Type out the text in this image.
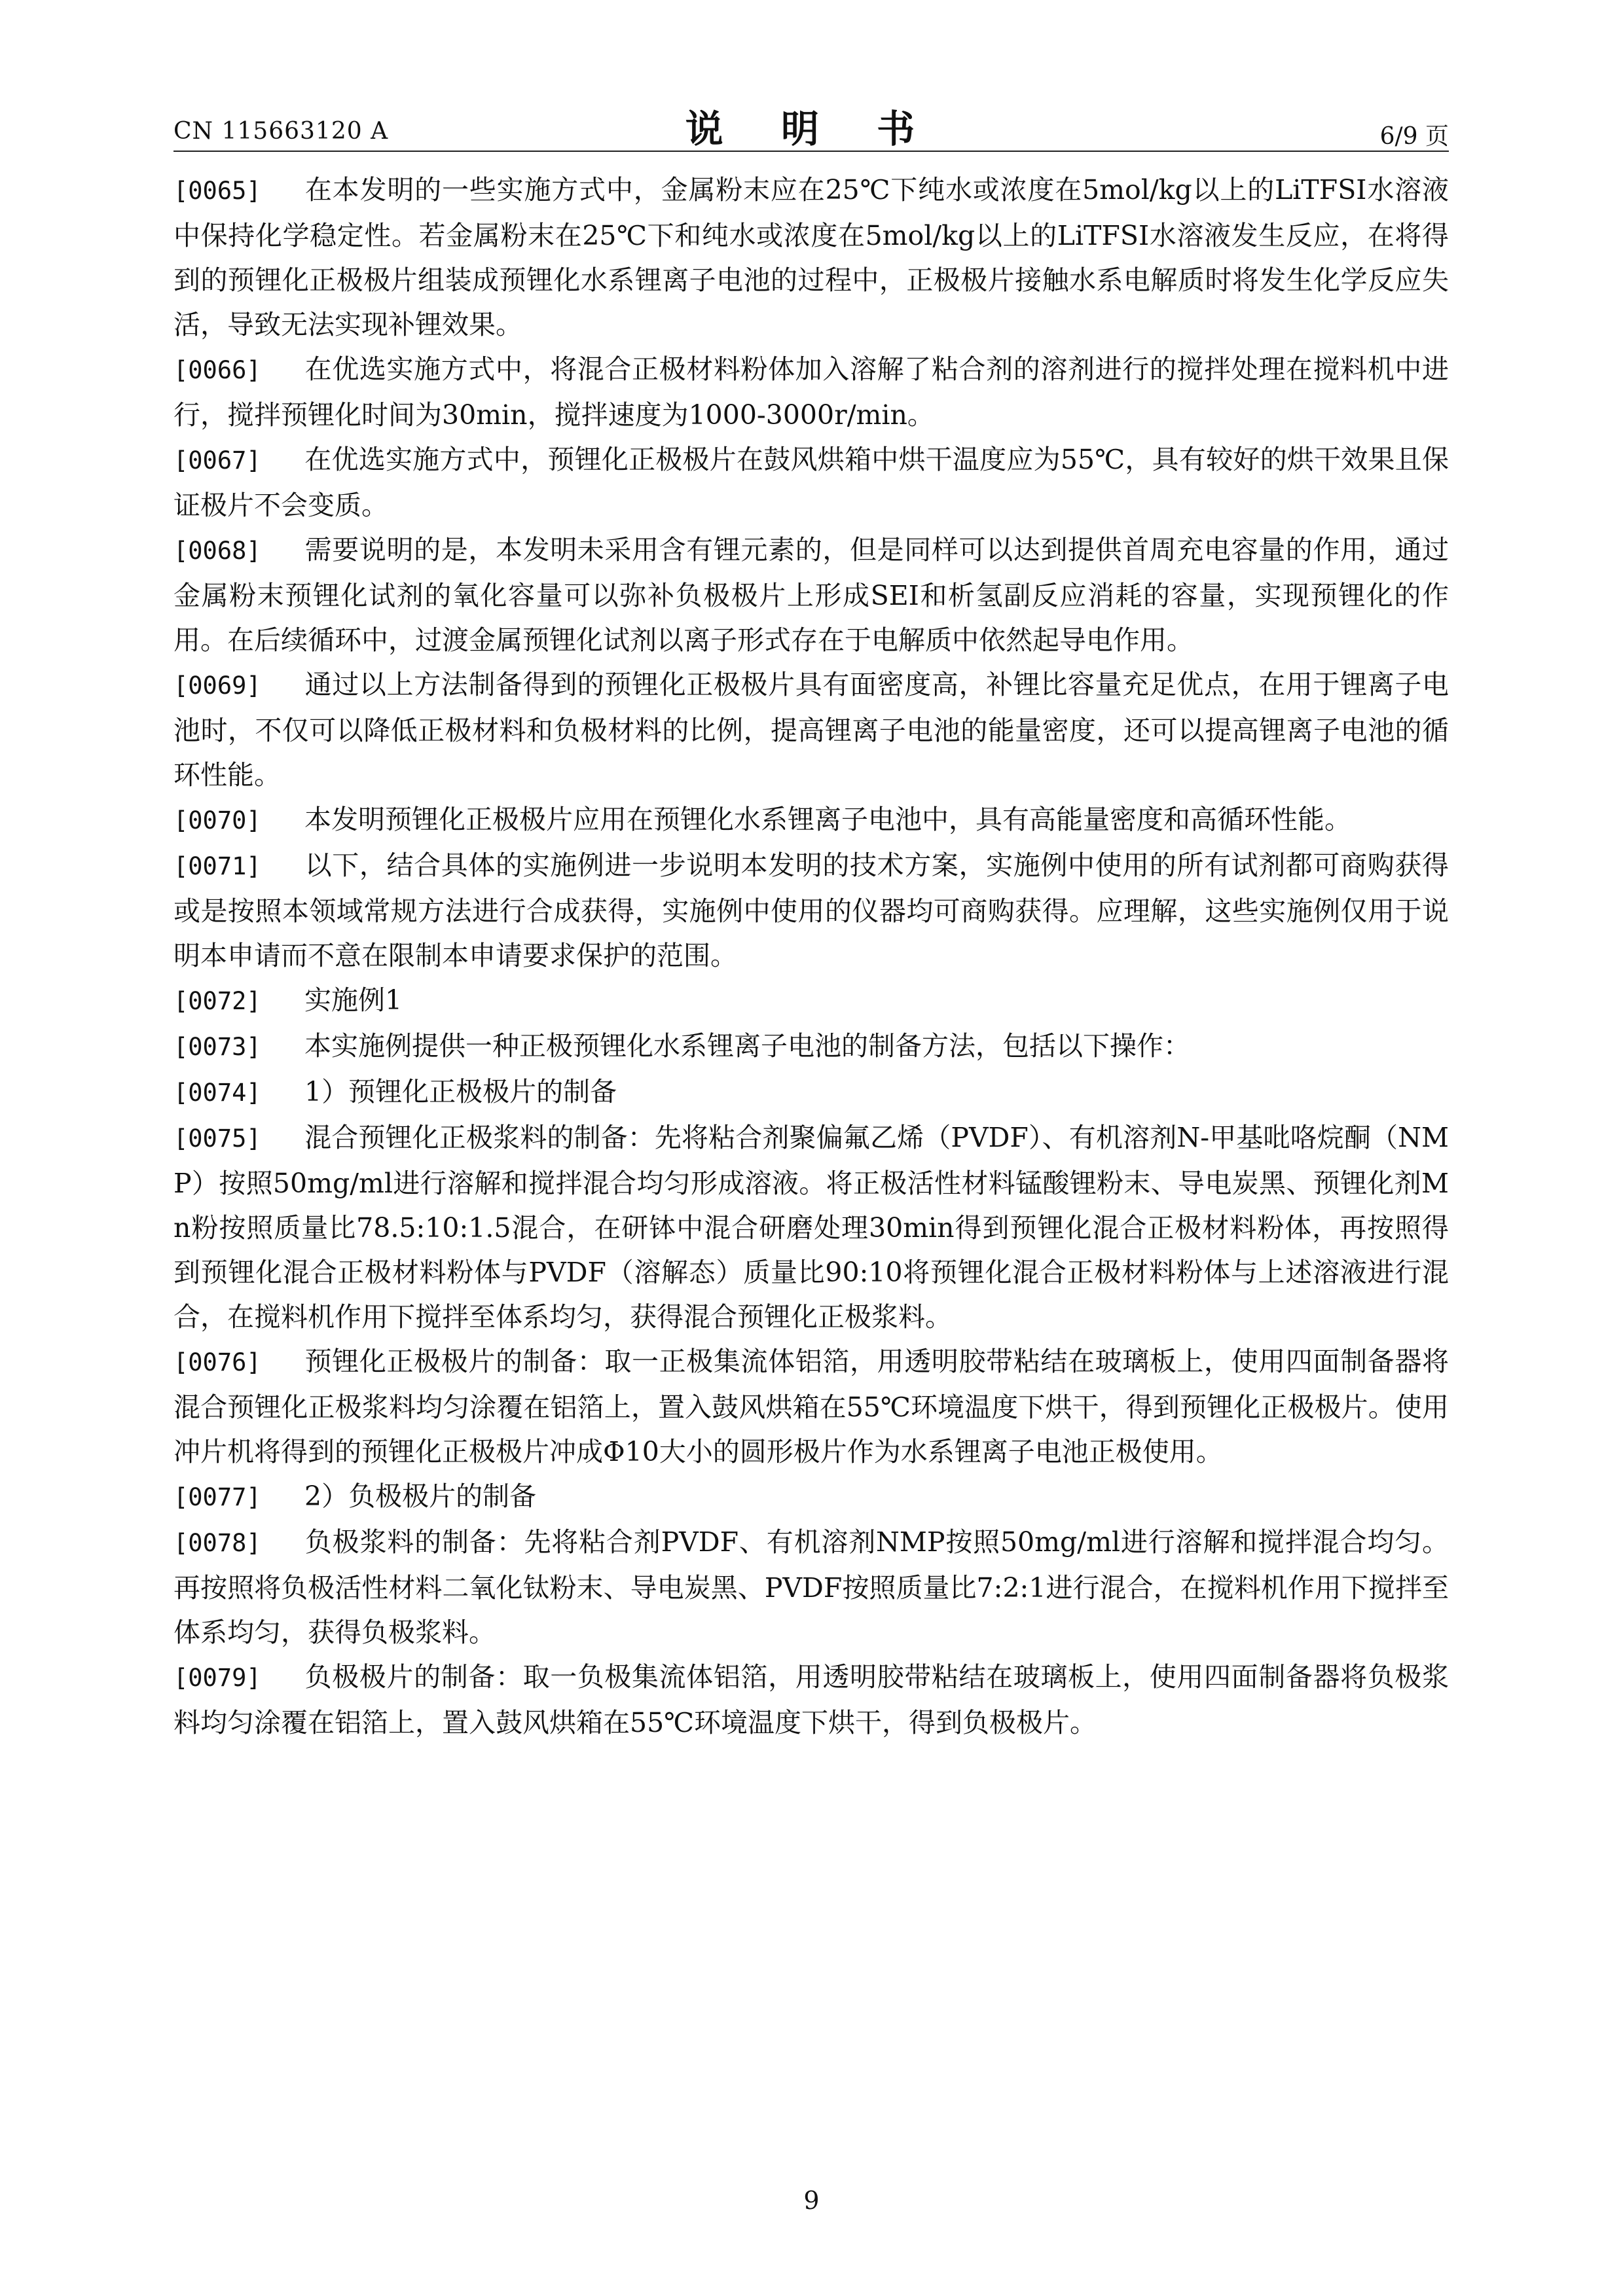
CN 115663120 A	说 明 书	6/9 页
[0065] 在本发明的一些实施方式中，金属粉末应在25℃下纯水或浓度在5mol/kg以上的LiTFSI水溶液中保持化学稳定性。若金属粉末在25℃下和纯水或浓度在5mol/kg以上的LiTFSI水溶液发生反应，在将得到的预锂化正极极片组装成预锂化水系锂离子电池的过程中，正极极片接触水系电解质时将发生化学反应失活，导致无法实现补锂效果。
[0066] 在优选实施方式中，将混合正极材料粉体加入溶解了粘合剂的溶剂进行的搅拌处理在搅料机中进行，搅拌预锂化时间为30min，搅拌速度为1000-3000r/min。
[0067] 在优选实施方式中，预锂化正极极片在鼓风烘箱中烘干温度应为55℃，具有较好的烘干效果且保证极片不会变质。
[0068] 需要说明的是，本发明未采用含有锂元素的，但是同样可以达到提供首周充电容量的作用，通过金属粉末预锂化试剂的氧化容量可以弥补负极极片上形成SEI和析氢副反应消耗的容量，实现预锂化的作用。在后续循环中，过渡金属预锂化试剂以离子形式存在于电解质中依然起导电作用。
[0069] 通过以上方法制备得到的预锂化正极极片具有面密度高，补锂比容量充足优点，在用于锂离子电池时，不仅可以降低正极材料和负极材料的比例，提高锂离子电池的能量密度，还可以提高锂离子电池的循环性能。
[0070] 本发明预锂化正极极片应用在预锂化水系锂离子电池中，具有高能量密度和高循环性能。
[0071] 以下，结合具体的实施例进一步说明本发明的技术方案，实施例中使用的所有试剂都可商购获得或是按照本领域常规方法进行合成获得，实施例中使用的仪器均可商购获得。应理解，这些实施例仅用于说明本申请而不意在限制本申请要求保护的范围。
[0072] 实施例1
[0073] 本实施例提供一种正极预锂化水系锂离子电池的制备方法，包括以下操作：
[0074] 1）预锂化正极极片的制备
[0075] 混合预锂化正极浆料的制备：先将粘合剂聚偏氟乙烯（PVDF）、有机溶剂N-甲基吡咯烷酮（NMP）按照50mg/ml进行溶解和搅拌混合均匀形成溶液。将正极活性材料锰酸锂粉末、导电炭黑、预锂化剂Mn粉按照质量比78.5:10:1.5混合，在研钵中混合研磨处理30min得到预锂化混合正极材料粉体，再按照得到预锂化混合正极材料粉体与PVDF（溶解态）质量比90:10将预锂化混合正极材料粉体与上述溶液进行混合，在搅料机作用下搅拌至体系均匀，获得混合预锂化正极浆料。
[0076] 预锂化正极极片的制备：取一正极集流体铝箔，用透明胶带粘结在玻璃板上，使用四面制备器将混合预锂化正极浆料均匀涂覆在铝箔上，置入鼓风烘箱在55℃环境温度下烘干，得到预锂化正极极片。使用冲片机将得到的预锂化正极极片冲成Φ10大小的圆形极片作为水系锂离子电池正极使用。
[0077] 2）负极极片的制备
[0078] 负极浆料的制备：先将粘合剂PVDF、有机溶剂NMP按照50mg/ml进行溶解和搅拌混合均匀。再按照将负极活性材料二氧化钛粉末、导电炭黑、PVDF按照质量比7:2:1进行混合，在搅料机作用下搅拌至体系均匀，获得负极浆料。
[0079] 负极极片的制备：取一负极集流体铝箔，用透明胶带粘结在玻璃板上，使用四面制备器将负极浆料均匀涂覆在铝箔上，置入鼓风烘箱在55℃环境温度下烘干，得到负极极片。
9
